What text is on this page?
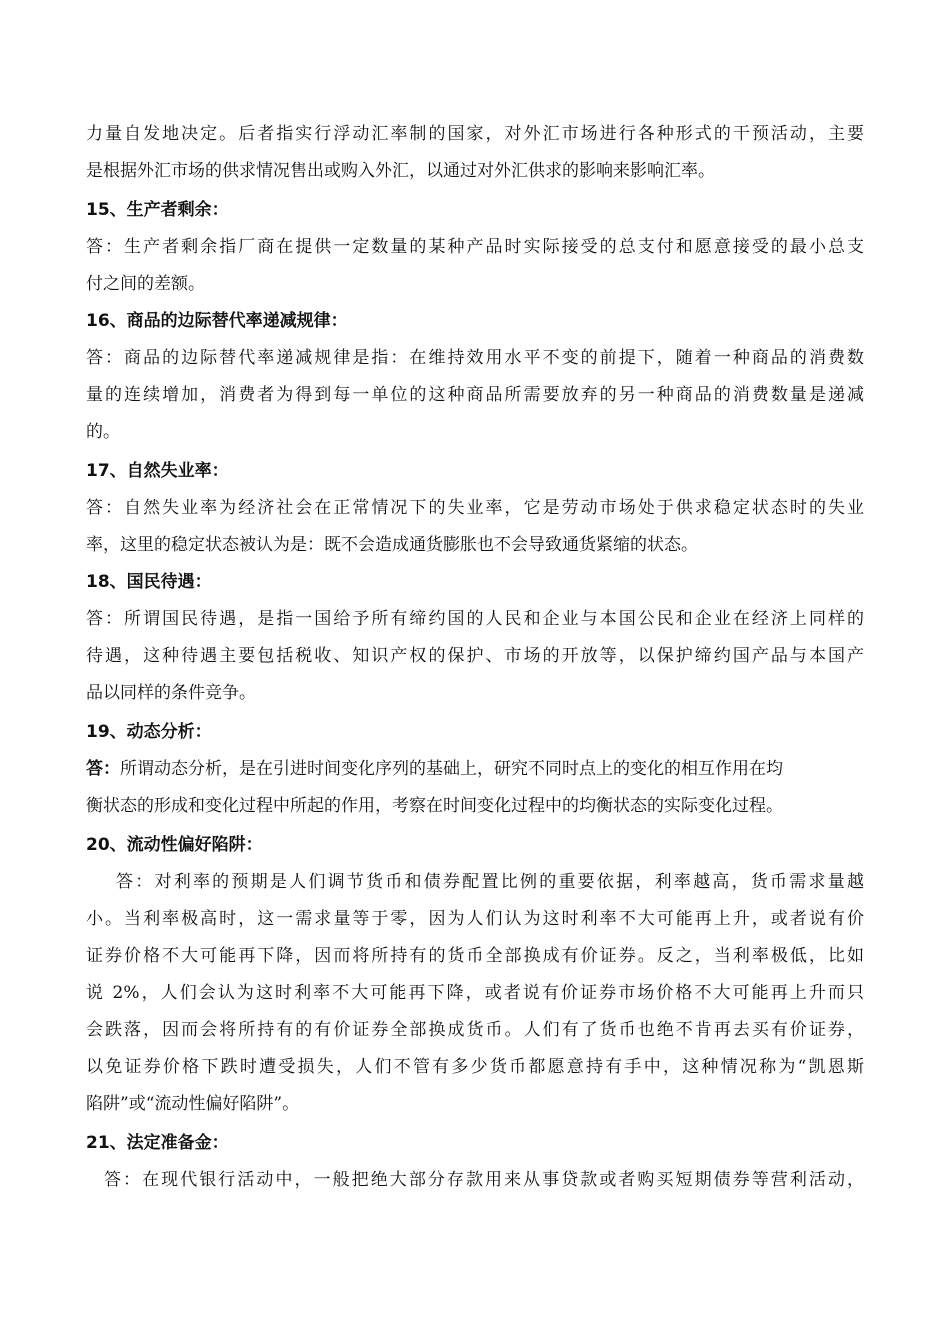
力量自发地决定。后者指实行浮动汇率制的国家，对外汇市场进行各种形式的干预活动，主要
是根据外汇市场的供求情况售出或购入外汇，以通过对外汇供求的影响来影响汇率。
15、生产者剩余：
答：生产者剩余指厂商在提供一定数量的某种产品时实际接受的总支付和愿意接受的最小总支
付之间的差额。
16、商品的边际替代率递减规律：
答：商品的边际替代率递减规律是指：在维持效用水平不变的前提下，随着一种商品的消费数
量的连续增加，消费者为得到每一单位的这种商品所需要放弃的另一种商品的消费数量是递减
的。
17、自然失业率：
答：自然失业率为经济社会在正常情况下的失业率，它是劳动市场处于供求稳定状态时的失业
率，这里的稳定状态被认为是：既不会造成通货膨胀也不会导致通货紧缩的状态。
18、国民待遇：
答：所谓国民待遇，是指一国给予所有缔约国的人民和企业与本国公民和企业在经济上同样的
待遇，这种待遇主要包括税收、知识产权的保护、市场的开放等，以保护缔约国产品与本国产
品以同样的条件竞争。
19、动态分析：
答：所谓动态分析，是在引进时间变化序列的基础上，研究不同时点上的变化的相互作用在均
衡状态的形成和变化过程中所起的作用，考察在时间变化过程中的均衡状态的实际变化过程。
20、流动性偏好陷阱：
答：对利率的预期是人们调节货币和债券配置比例的重要依据，利率越高，货币需求量越
小。当利率极高时，这一需求量等于零，因为人们认为这时利率不大可能再上升，或者说有价
证券价格不大可能再下降，因而将所持有的货币全部换成有价证券。反之，当利率极低，比如
说 2%，人们会认为这时利率不大可能再下降，或者说有价证券市场价格不大可能再上升而只
会跌落，因而会将所持有的有价证券全部换成货币。人们有了货币也绝不肯再去买有价证券，
以免证券价格下跌时遭受损失，人们不管有多少货币都愿意持有手中，这种情况称为“凯恩斯
陷阱”或“流动性偏好陷阱”。
21、法定准备金：
答：在现代银行活动中，一般把绝大部分存款用来从事贷款或者购买短期债券等营利活动，
